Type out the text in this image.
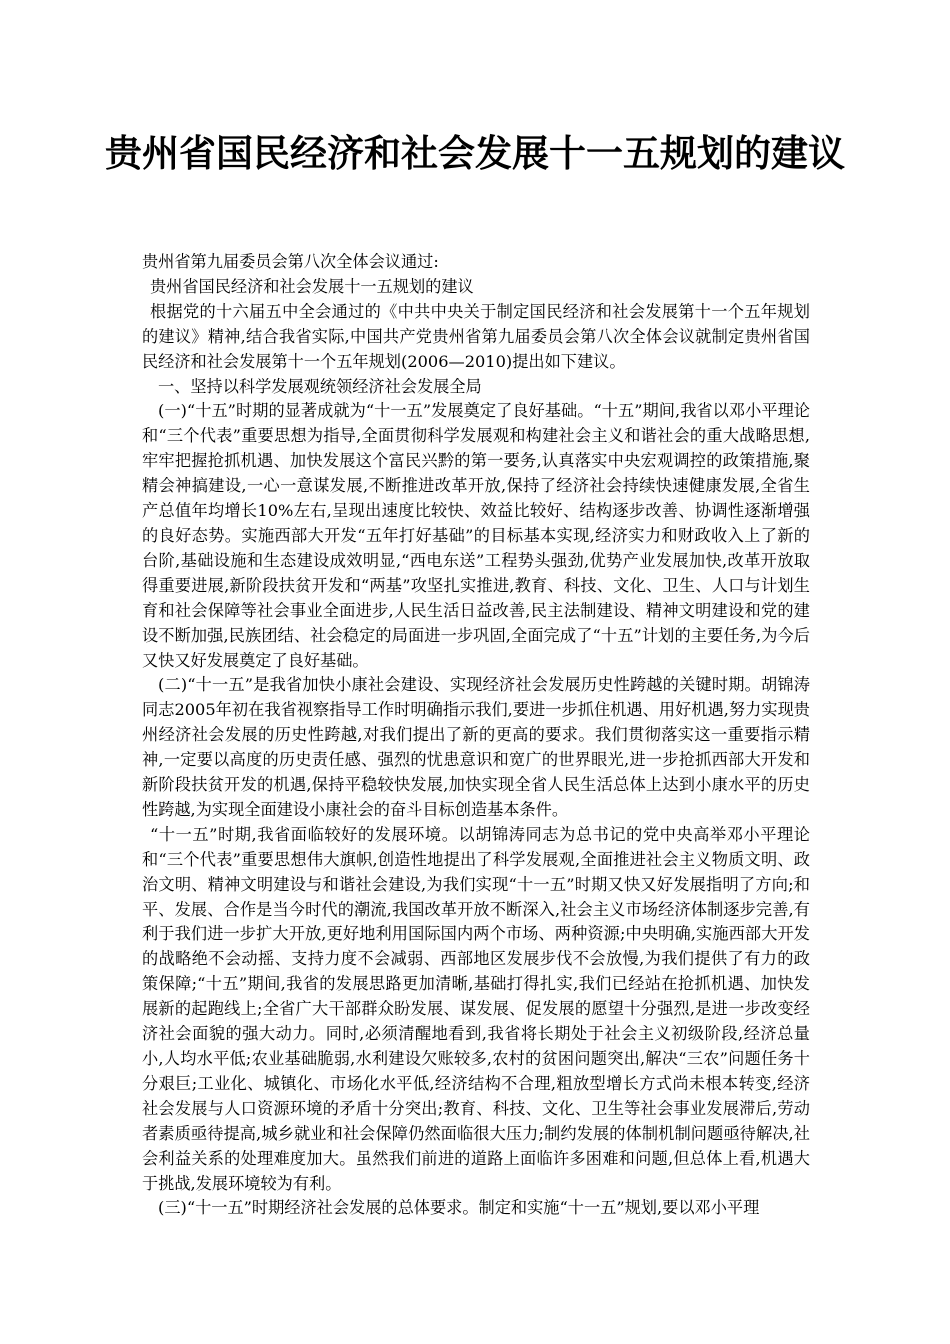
贵州省国民经济和社会发展十一五规划的建议

贵州省第九届委员会第八次全体会议通过:

贵州省国民经济和社会发展十一五规划的建议

根据党的十六届五中全会通过的《中共中央关于制定国民经济和社会发展第十一个五年规划的建议》精神,结合我省实际,中国共产党贵州省第九届委员会第八次全体会议就制定贵州省国民经济和社会发展第十一个五年规划(2006—2010)提出如下建议。

一、坚持以科学发展观统领经济社会发展全局

(一)“十五”时期的显著成就为“十一五”发展奠定了良好基础。“十五”期间,我省以邓小平理论和“三个代表”重要思想为指导,全面贯彻科学发展观和构建社会主义和谐社会的重大战略思想,牢牢把握抢抓机遇、加快发展这个富民兴黔的第一要务,认真落实中央宏观调控的政策措施,聚精会神搞建设,一心一意谋发展,不断推进改革开放,保持了经济社会持续快速健康发展,全省生产总值年均增长10%左右,呈现出速度比较快、效益比较好、结构逐步改善、协调性逐渐增强的良好态势。实施西部大开发“五年打好基础”的目标基本实现,经济实力和财政收入上了新的台阶,基础设施和生态建设成效明显,“西电东送”工程势头强劲,优势产业发展加快,改革开放取得重要进展,新阶段扶贫开发和“两基”攻坚扎实推进,教育、科技、文化、卫生、人口与计划生育和社会保障等社会事业全面进步,人民生活日益改善,民主法制建设、精神文明建设和党的建设不断加强,民族团结、社会稳定的局面进一步巩固,全面完成了“十五”计划的主要任务,为今后又快又好发展奠定了良好基础。

(二)“十一五”是我省加快小康社会建设、实现经济社会发展历史性跨越的关键时期。胡锦涛同志2005年初在我省视察指导工作时明确指示我们,要进一步抓住机遇、用好机遇,努力实现贵州经济社会发展的历史性跨越,对我们提出了新的更高的要求。我们贯彻落实这一重要指示精神,一定要以高度的历史责任感、强烈的忧患意识和宽广的世界眼光,进一步抢抓西部大开发和新阶段扶贫开发的机遇,保持平稳较快发展,加快实现全省人民生活总体上达到小康水平的历史性跨越,为实现全面建设小康社会的奋斗目标创造基本条件。

“十一五”时期,我省面临较好的发展环境。以胡锦涛同志为总书记的党中央高举邓小平理论和“三个代表”重要思想伟大旗帜,创造性地提出了科学发展观,全面推进社会主义物质文明、政治文明、精神文明建设与和谐社会建设,为我们实现“十一五”时期又快又好发展指明了方向;和平、发展、合作是当今时代的潮流,我国改革开放不断深入,社会主义市场经济体制逐步完善,有利于我们进一步扩大开放,更好地利用国际国内两个市场、两种资源;中央明确,实施西部大开发的战略绝不会动摇、支持力度不会减弱、西部地区发展步伐不会放慢,为我们提供了有力的政策保障;“十五”期间,我省的发展思路更加清晰,基础打得扎实,我们已经站在抢抓机遇、加快发展新的起跑线上;全省广大干部群众盼发展、谋发展、促发展的愿望十分强烈,是进一步改变经济社会面貌的强大动力。同时,必须清醒地看到,我省将长期处于社会主义初级阶段,经济总量小,人均水平低;农业基础脆弱,水利建设欠账较多,农村的贫困问题突出,解决“三农”问题任务十分艰巨;工业化、城镇化、市场化水平低,经济结构不合理,粗放型增长方式尚未根本转变,经济社会发展与人口资源环境的矛盾十分突出;教育、科技、文化、卫生等社会事业发展滞后,劳动者素质亟待提高,城乡就业和社会保障仍然面临很大压力;制约发展的体制机制问题亟待解决,社会利益关系的处理难度加大。虽然我们前进的道路上面临许多困难和问题,但总体上看,机遇大于挑战,发展环境较为有利。

(三)“十一五”时期经济社会发展的总体要求。制定和实施“十一五”规划,要以邓小平理
